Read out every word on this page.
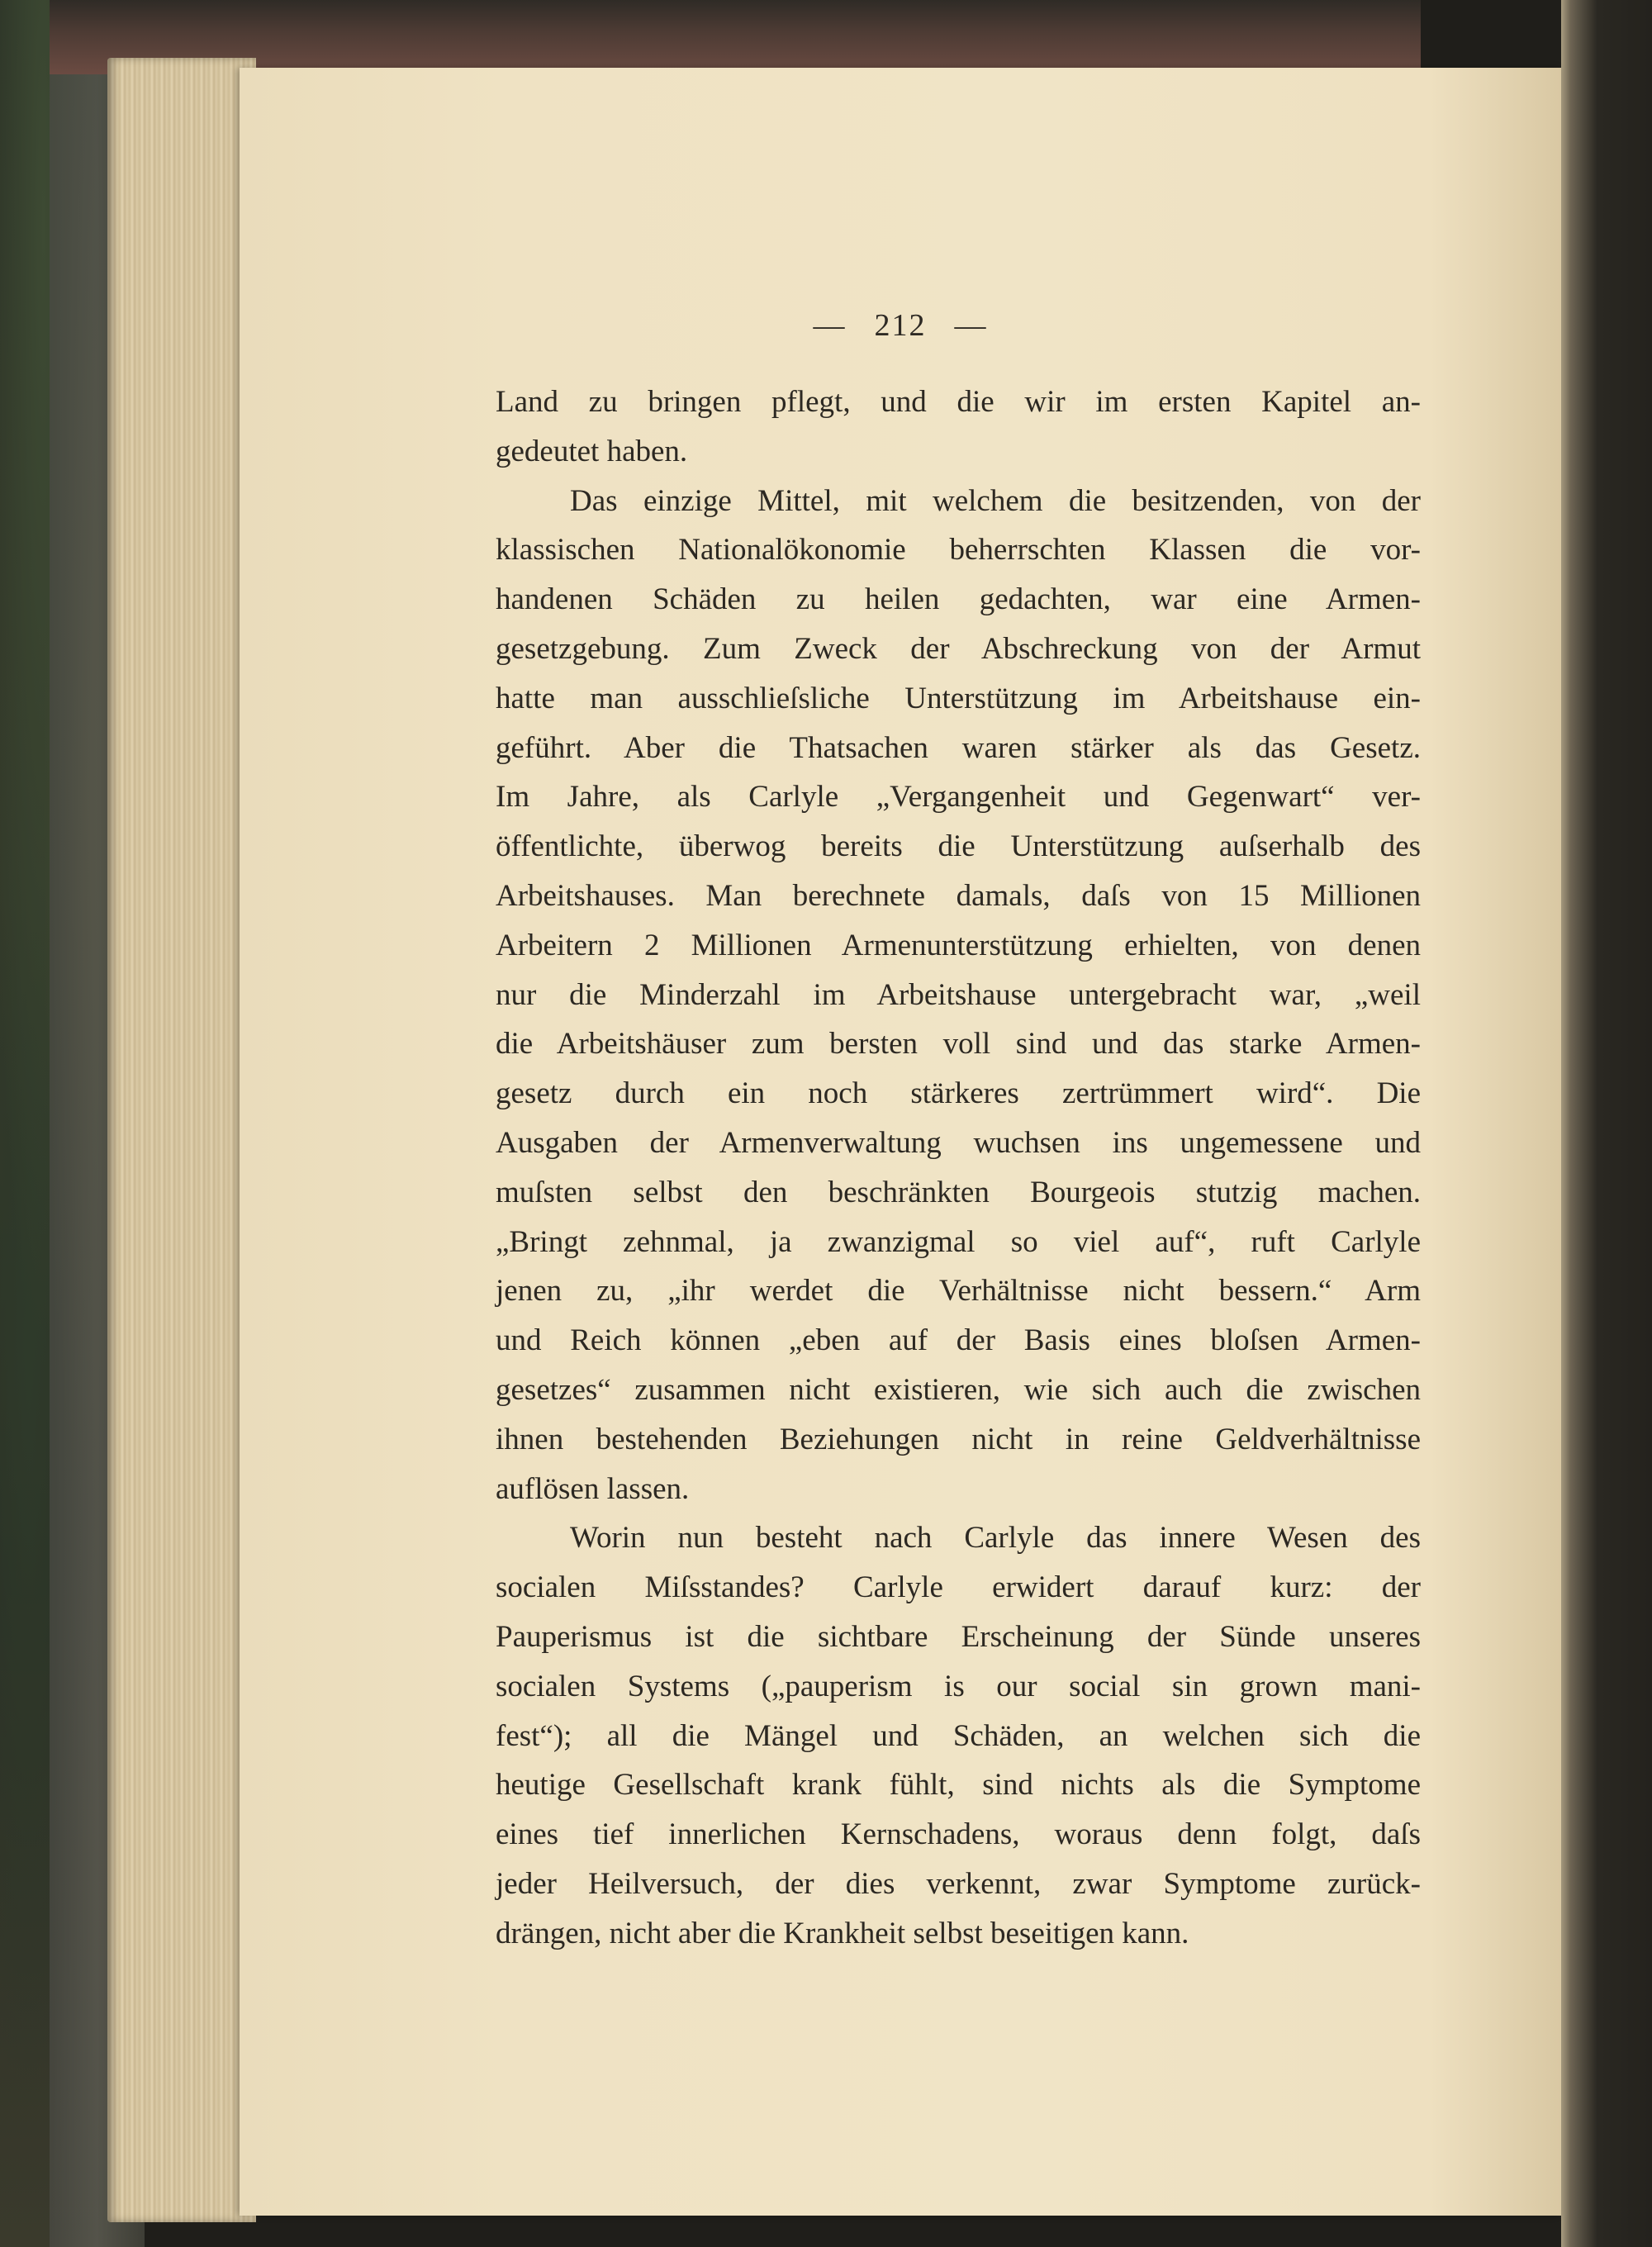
— 212 —

Land zu bringen pflegt, und die wir im ersten Kapitel an-
gedeutet haben.

Das einzige Mittel, mit welchem die besitzenden, von der
klassischen Nationalökonomie beherrschten Klassen die vor-
handenen Schäden zu heilen gedachten, war eine Armen-
gesetzgebung. Zum Zweck der Abschreckung von der Armut
hatte man ausschlieſsliche Unterstützung im Arbeitshause ein-
geführt. Aber die Thatsachen waren stärker als das Gesetz.
Im Jahre, als Carlyle „Vergangenheit und Gegenwart“ ver-
öffentlichte, überwog bereits die Unterstützung auſserhalb des
Arbeitshauses. Man berechnete damals, daſs von 15 Millionen
Arbeitern 2 Millionen Armenunterstützung erhielten, von denen
nur die Minderzahl im Arbeitshause untergebracht war, „weil
die Arbeitshäuser zum bersten voll sind und das starke Armen-
gesetz durch ein noch stärkeres zertrümmert wird“. Die
Ausgaben der Armenverwaltung wuchsen ins ungemessene und
muſsten selbst den beschränkten Bourgeois stutzig machen.
„Bringt zehnmal, ja zwanzigmal so viel auf“, ruft Carlyle
jenen zu, „ihr werdet die Verhältnisse nicht bessern.“ Arm
und Reich können „eben auf der Basis eines bloſsen Armen-
gesetzes“ zusammen nicht existieren, wie sich auch die zwischen
ihnen bestehenden Beziehungen nicht in reine Geldverhältnisse
auflösen lassen.

Worin nun besteht nach Carlyle das innere Wesen des
socialen Miſsstandes? Carlyle erwidert darauf kurz: der
Pauperismus ist die sichtbare Erscheinung der Sünde unseres
socialen Systems („pauperism is our social sin grown mani-
fest“); all die Mängel und Schäden, an welchen sich die
heutige Gesellschaft krank fühlt, sind nichts als die Symptome
eines tief innerlichen Kernschadens, woraus denn folgt, daſs
jeder Heilversuch, der dies verkennt, zwar Symptome zurück-
drängen, nicht aber die Krankheit selbst beseitigen kann.
